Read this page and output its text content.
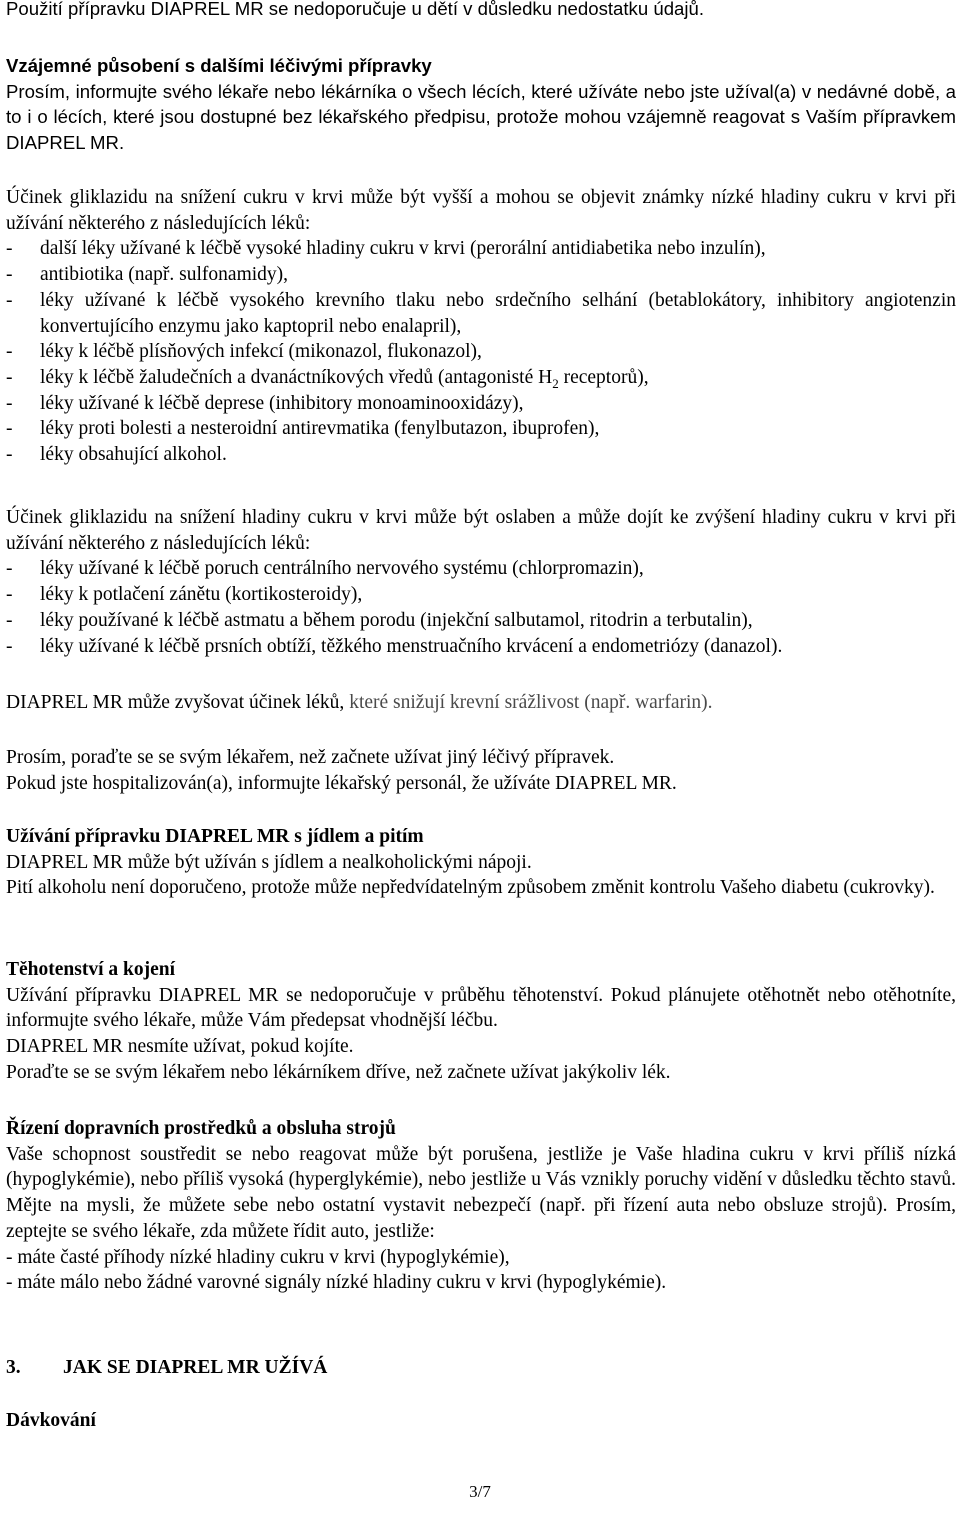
Použití přípravku DIAPREL MR se nedoporučuje u dětí v důsledku nedostatku údajů.

Vzájemné působení s dalšími léčivými přípravky

Prosím, informujte svého lékaře nebo lékárníka o všech lécích, které užíváte nebo jste užíval(a) v nedávné době, a to i o lécích, které jsou dostupné bez lékařského předpisu, protože mohou vzájemně reagovat s Vaším přípravkem DIAPREL MR.

Účinek gliklazidu na snížení cukru v krvi může být vyšší a mohou se objevit známky nízké hladiny cukru v krvi při užívání některého z následujících léků:

- další léky užívané k léčbě vysoké hladiny cukru v krvi (perorální antidiabetika nebo inzulín),
- antibiotika (např. sulfonamidy),
- léky užívané k léčbě vysokého krevního tlaku nebo srdečního selhání (betablokátory, inhibitory angiotenzin konvertujícího enzymu jako kaptopril nebo enalapril),
- léky k léčbě plísňových infekcí (mikonazol, flukonazol),
- léky k léčbě žaludečních a dvanáctníkových vředů (antagonisté $H_2$ receptorů),
- léky užívané k léčbě deprese (inhibitory monoaminooxidázy),
- léky proti bolesti a nesteroidní antirevmatika (fenylbutazon, ibuprofen),
- léky obsahující alkohol.

Účinek gliklazidu na snížení hladiny cukru v krvi může být oslaben a může dojít ke zvýšení hladiny cukru v krvi při užívání některého z následujících léků:

- léky užívané k léčbě poruch centrálního nervového systému (chlorpromazin),
- léky k potlačení zánětu (kortikosteroidy),
- léky používané k léčbě astmatu a během porodu (injekční salbutamol, ritodrin a terbutalin),
- léky užívané k léčbě prsních obtíží, těžkého menstruačního krvácení a endometriózy (danazol).

DIAPREL MR může zvyšovat účinek léků, které snižují krevní srážlivost (např. warfarin).

Prosím, poraďte se se svým lékařem, než začnete užívat jiný léčivý přípravek.

Pokud jste hospitalizován(a), informujte lékařský personál, že užíváte DIAPREL MR.

Užívání přípravku DIAPREL MR s jídlem a pitím

DIAPREL MR může být užíván s jídlem a nealkoholickými nápoji.

Pití alkoholu není doporučeno, protože může nepředvídatelným způsobem změnit kontrolu Vašeho diabetu (cukrovky).

Těhotenství a kojení

Užívání přípravku DIAPREL MR se nedoporučuje v průběhu těhotenství. Pokud plánujete otěhotnět nebo otěhotníte, informujte svého lékaře, může Vám předepsat vhodnější léčbu.

DIAPREL MR nesmíte užívat, pokud kojíte.

Poraďte se se svým lékařem nebo lékárníkem dříve, než začnete užívat jakýkoliv lék.

Řízení dopravních prostředků a obsluha strojů

Vaše schopnost soustředit se nebo reagovat může být porušena, jestliže je Vaše hladina cukru v krvi příliš nízká (hypoglykémie), nebo příliš vysoká (hyperglykémie), nebo jestliže u Vás vznikly poruchy vidění v důsledku těchto stavů. Mějte na mysli, že můžete sebe nebo ostatní vystavit nebezpečí (např. při řízení auta nebo obsluze strojů). Prosím, zeptejte se svého lékaře, zda můžete řídit auto, jestliže:

- máte časté příhody nízké hladiny cukru v krvi (hypoglykémie),

- máte málo nebo žádné varovné signály nízké hladiny cukru v krvi (hypoglykémie).

3. JAK SE DIAPREL MR UŽÍVÁ

Dávkování

3/7
